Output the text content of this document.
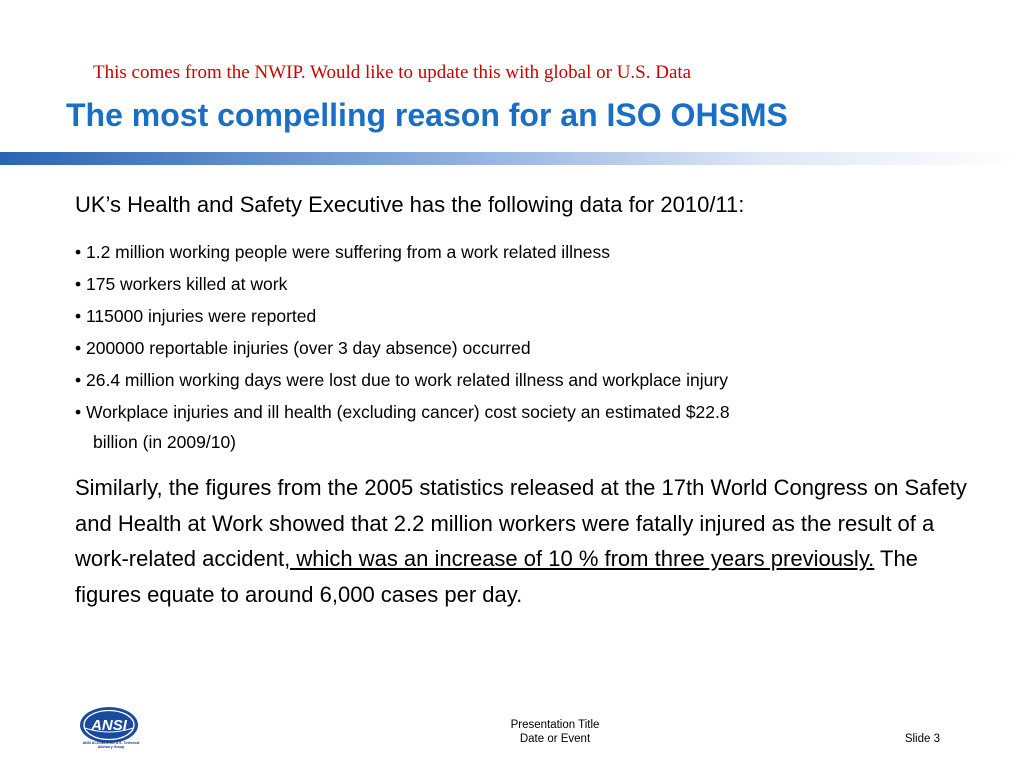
This comes from the NWIP. Would like to update this with global or U.S. Data
The most compelling reason for an ISO OHSMS

UK’s Health and Safety Executive has the following data for 2010/11:

• 1.2 million working people were suffering from a work related illness
• 175 workers killed at work
• 115000 injuries were reported
• 200000 reportable injuries (over 3 day absence) occurred
• 26.4 million working days were lost due to work related illness and workplace injury
• Workplace injuries and ill health (excluding cancer) cost society an estimated $22.8
billion (in 2009/10)

Similarly, the figures from the 2005 statistics released at the 17th World Congress on Safety and Health at Work showed that 2.2 million workers were fatally injured as the result of a work-related accident, which was an increase of 10 % from three years previously. The figures equate to around 6,000 cases per day.

ANSI
ANSI ACCREDITED U.S. Technical Advisory Group
Presentation Title
Date or Event	Slide 3
